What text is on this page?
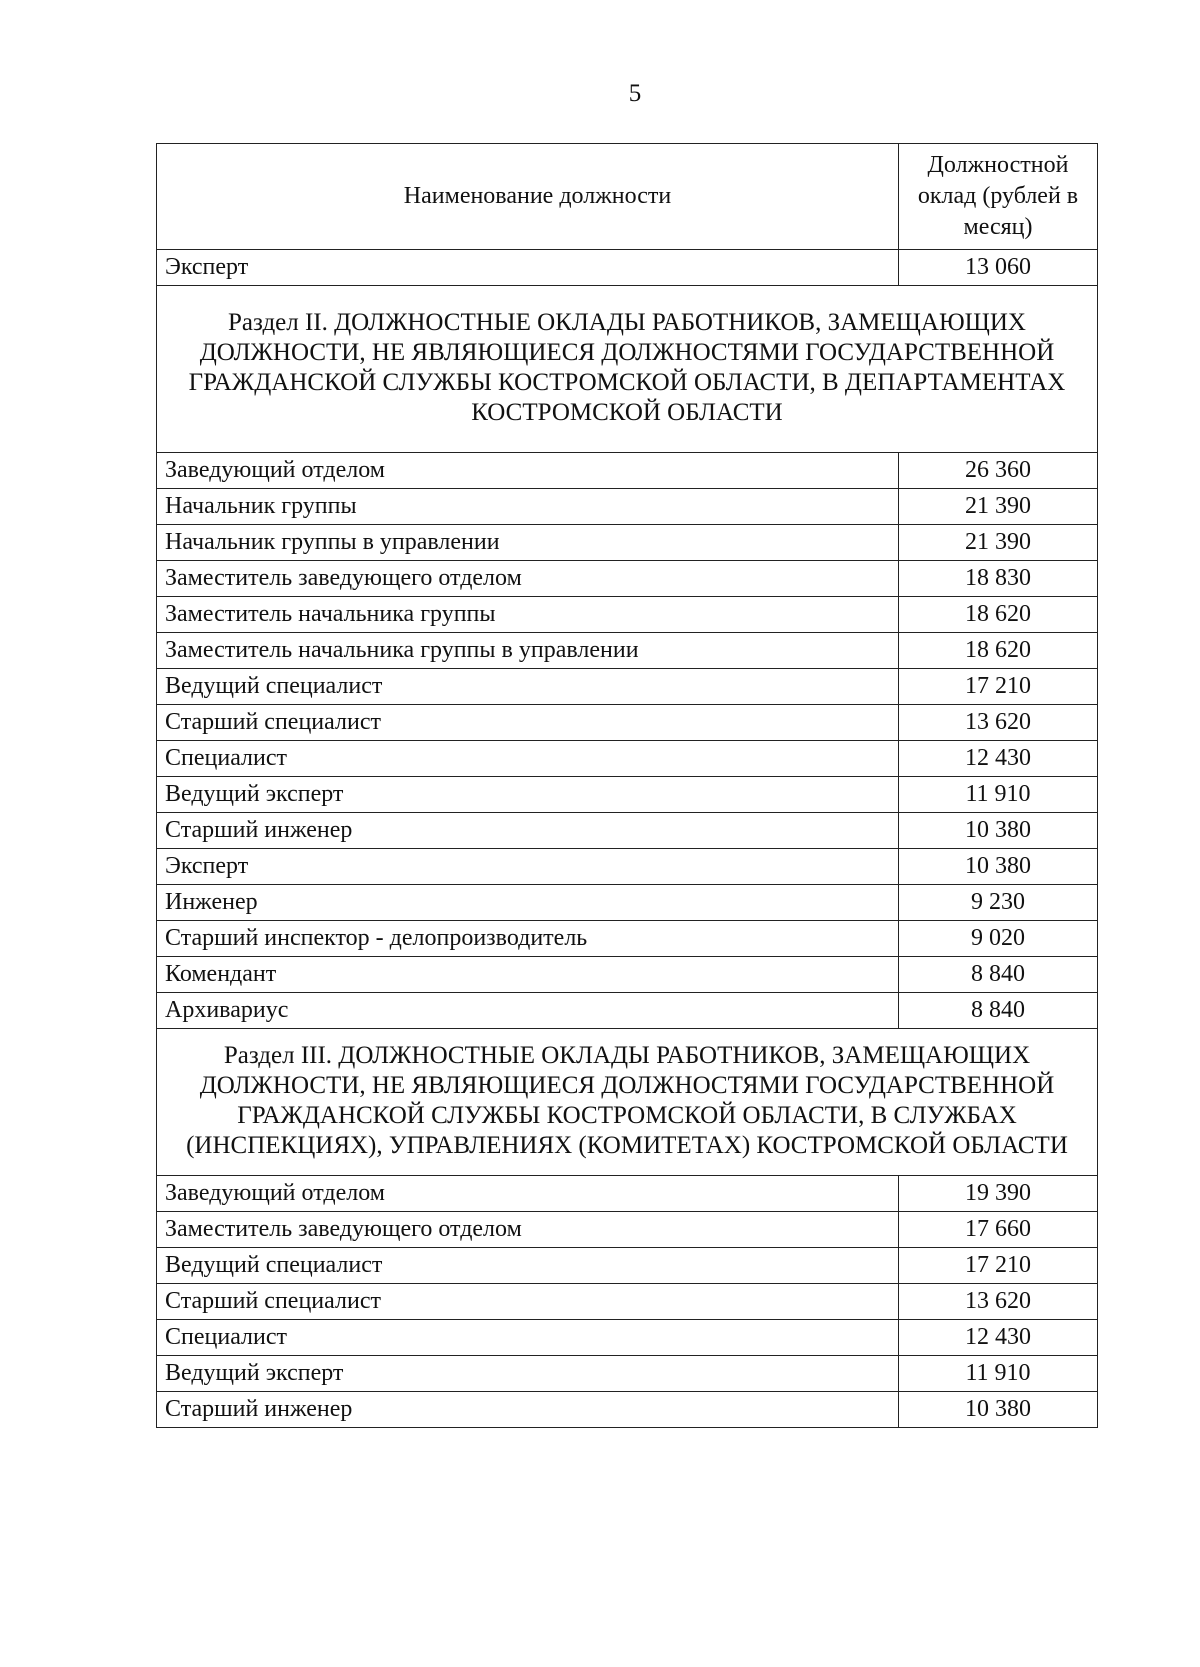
5
Наименование должности	Должностной оклад (рублей в месяц)
Эксперт	13 060
Раздел II. ДОЛЖНОСТНЫЕ ОКЛАДЫ РАБОТНИКОВ, ЗАМЕЩАЮЩИХ ДОЛЖНОСТИ, НЕ ЯВЛЯЮЩИЕСЯ ДОЛЖНОСТЯМИ ГОСУДАРСТВЕННОЙ ГРАЖДАНСКОЙ СЛУЖБЫ КОСТРОМСКОЙ ОБЛАСТИ, В ДЕПАРТАМЕНТАХ КОСТРОМСКОЙ ОБЛАСТИ	
Заведующий отделом	26 360
Начальник группы	21 390
Начальник группы в управлении	21 390
Заместитель заведующего отделом	18 830
Заместитель начальника группы	18 620
Заместитель начальника группы в управлении	18 620
Ведущий специалист	17 210
Старший специалист	13 620
Специалист	12 430
Ведущий эксперт	11 910
Старший инженер	10 380
Эксперт	10 380
Инженер	9 230
Старший инспектор - делопроизводитель	9 020
Комендант	8 840
Архивариус	8 840
Раздел III. ДОЛЖНОСТНЫЕ ОКЛАДЫ РАБОТНИКОВ, ЗАМЕЩАЮЩИХ ДОЛЖНОСТИ, НЕ ЯВЛЯЮЩИЕСЯ ДОЛЖНОСТЯМИ ГОСУДАРСТВЕННОЙ ГРАЖДАНСКОЙ СЛУЖБЫ КОСТРОМСКОЙ ОБЛАСТИ, В СЛУЖБАХ (ИНСПЕКЦИЯХ), УПРАВЛЕНИЯХ (КОМИТЕТАХ) КОСТРОМСКОЙ ОБЛАСТИ	
Заведующий отделом	19 390
Заместитель заведующего отделом	17 660
Ведущий специалист	17 210
Старший специалист	13 620
Специалист	12 430
Ведущий эксперт	11 910
Старший инженер	10 380
